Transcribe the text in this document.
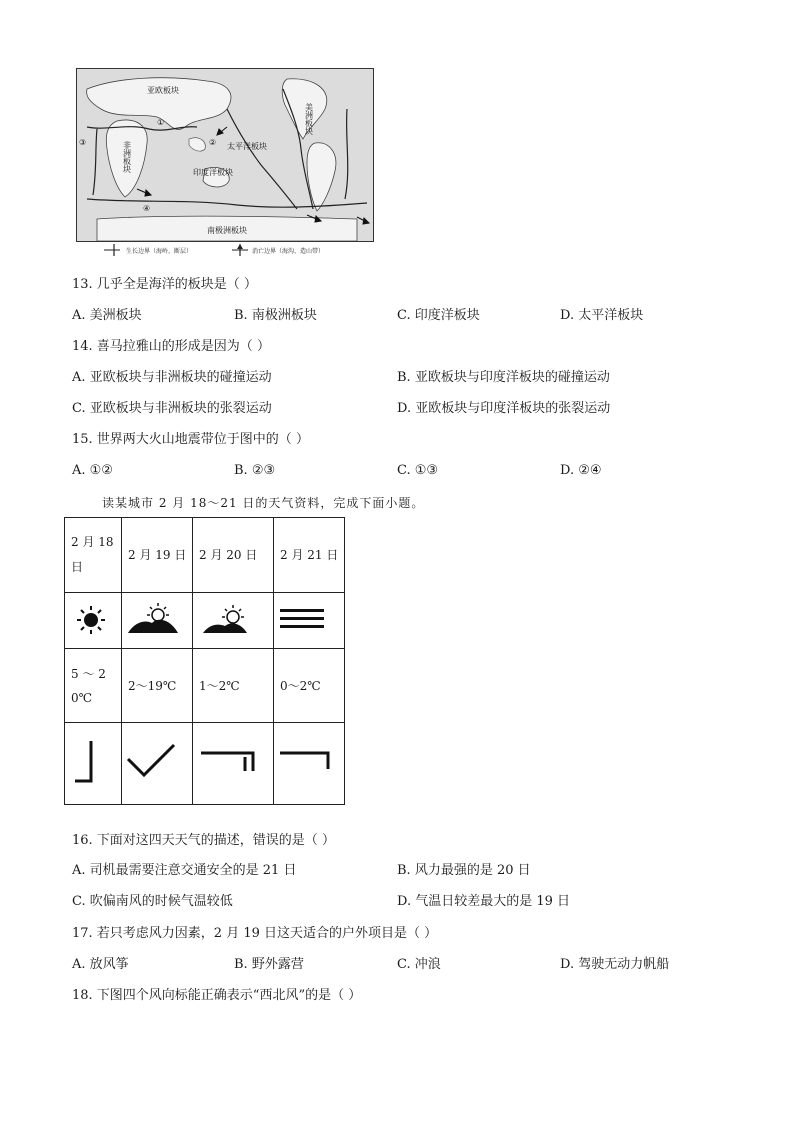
亚欧板块
太平洋板块
印度洋板块
南极洲板块
非洲板块
美洲板块
③
①
②
④
生长边界（海岭、断层）	消亡边界（海沟、造山带）
13. 几乎全是海洋的板块是（ ）
A. 美洲板块	B. 南极洲板块	C. 印度洋板块	D. 太平洋板块
14. 喜马拉雅山的形成是因为（ ）
A. 亚欧板块与非洲板块的碰撞运动	B. 亚欧板块与印度洋板块的碰撞运动
C. 亚欧板块与非洲板块的张裂运动	D. 亚欧板块与印度洋板块的张裂运动
15. 世界两大火山地震带位于图中的（ ）
A. ①②	B. ②③	C. ①③	D. ②④
读某城市 2 月 18～21 日的天气资料，完成下面小题。
2 月 18 日	2 月 19 日	2 月 20 日	2 月 21 日

5 ～ 20℃	2～19℃	1～2℃	0～2℃

16. 下面对这四天天气的描述，错误的是（ ）
A. 司机最需要注意交通安全的是 21 日	B. 风力最强的是 20 日
C. 吹偏南风的时候气温较低	D. 气温日较差最大的是 19 日
17. 若只考虑风力因素，2 月 19 日这天适合的户外项目是（ ）
A. 放风筝	B. 野外露营	C. 冲浪	D. 驾驶无动力帆船
18. 下图四个风向标能正确表示“西北风”的是（ ）
